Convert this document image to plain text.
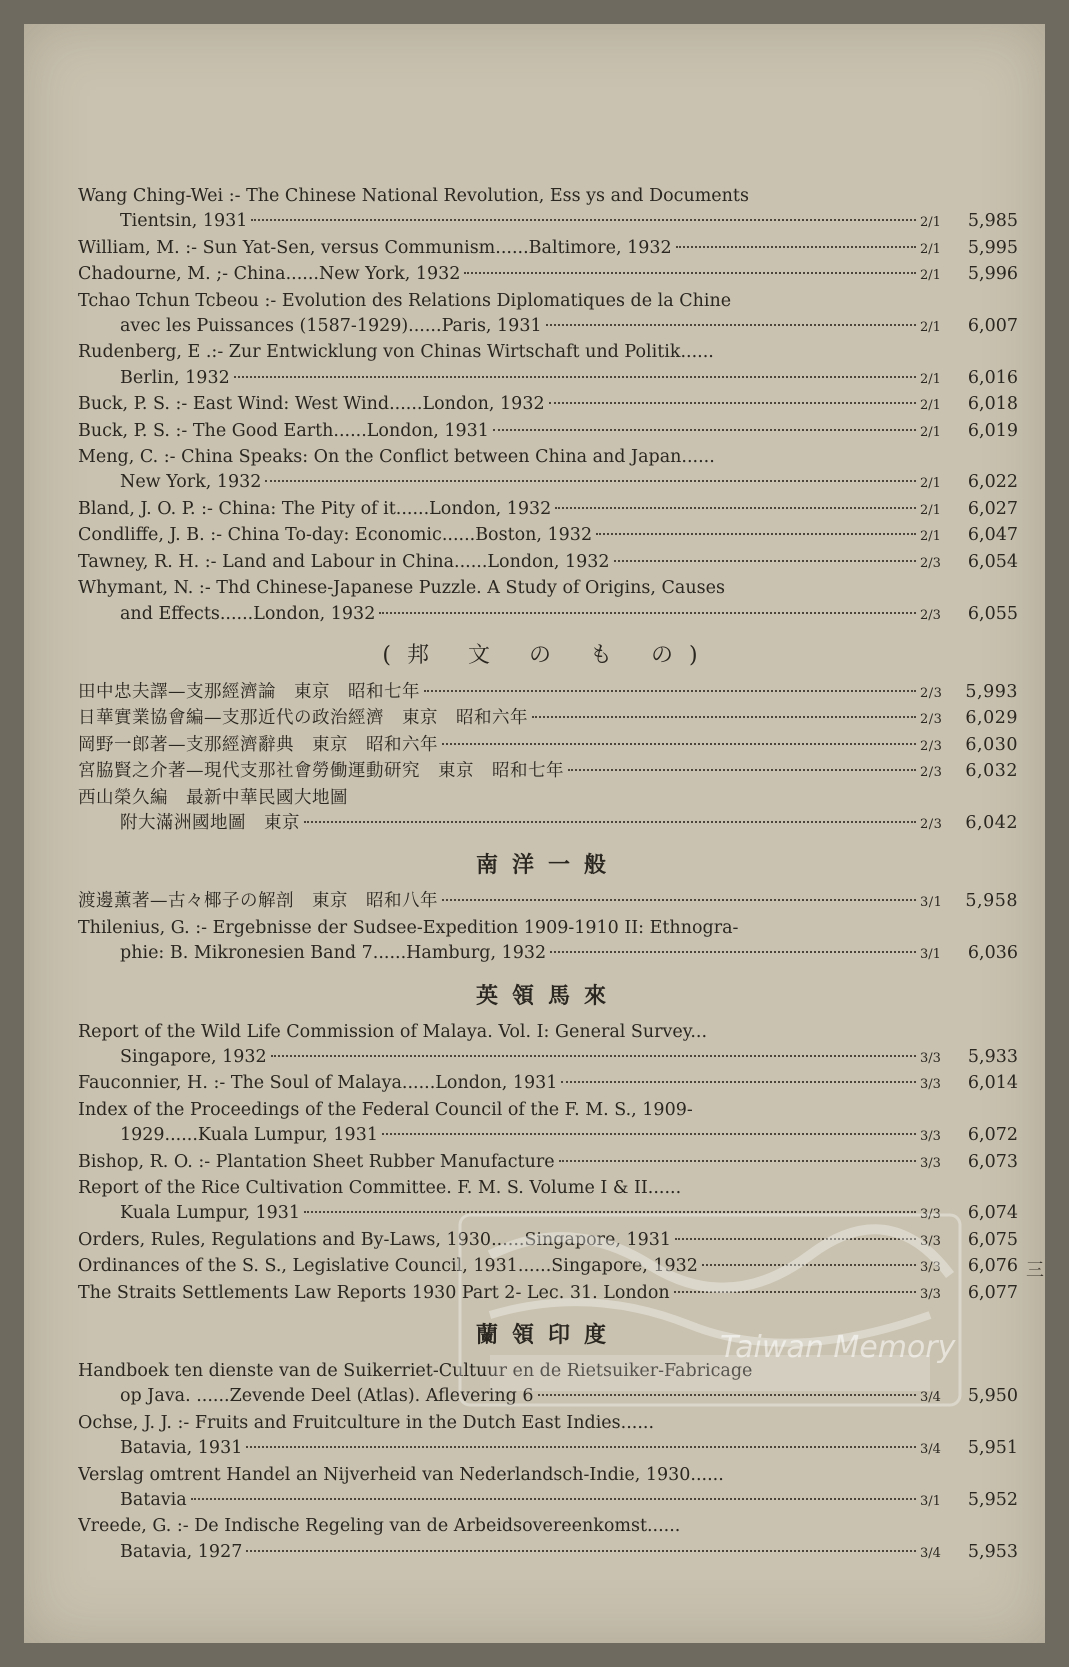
Wang Ching-Wei :- The Chinese National Revolution, Ess ys and Documents
Tientsin, 1931	2/1	5,985
William, M. :- Sun Yat-Sen, versus Communism......Baltimore, 1932	2/1	5,995
Chadourne, M. ;- China......New York, 1932	2/1	5,996
Tchao Tchun Tcbeou :- Evolution des Relations Diplomatiques de la Chine
avec les Puissances (1587-1929)......Paris, 1931	2/1	6,007
Rudenberg, E .:- Zur Entwicklung von Chinas Wirtschaft und Politik......
Berlin, 1932	2/1	6,016
Buck, P. S. :- East Wind: West Wind......London, 1932	2/1	6,018
Buck, P. S. :- The Good Earth......London, 1931	2/1	6,019
Meng, C. :- China Speaks: On the Conflict between China and Japan......
New York, 1932	2/1	6,022
Bland, J. O. P. :- China: The Pity of it......London, 1932	2/1	6,027
Condliffe, J. B. :- China To-day: Economic......Boston, 1932	2/1	6,047
Tawney, R. H. :- Land and Labour in China......London, 1932	2/3	6,054
Whymant, N. :- Thd Chinese-Japanese Puzzle. A Study of Origins, Causes
and Effects......London, 1932	2/3	6,055
(邦 文 の も の)
田中忠夫譯—支那經濟論　東京　昭和七年	2/3	5,993
日華實業協會編—支那近代の政治經濟　東京　昭和六年	2/3	6,029
岡野一郎著—支那經濟辭典　東京　昭和六年	2/3	6,030
宮脇賢之介著—現代支那社會勞働運動研究　東京　昭和七年	2/3	6,032
西山榮久編　最新中華民國大地圖
附大滿洲國地圖　東京	2/3	6,042
南洋一般
渡邊薰著—古々椰子の解剖　東京　昭和八年	3/1	5,958
Thilenius, G. :- Ergebnisse der Sudsee-Expedition 1909-1910 II: Ethnogra-
phie: B. Mikronesien Band 7......Hamburg, 1932	3/1	6,036
英領馬來
Report of the Wild Life Commission of Malaya. Vol. I: General Survey...
Singapore, 1932	3/3	5,933
Fauconnier, H. :- The Soul of Malaya......London, 1931	3/3	6,014
Index of the Proceedings of the Federal Council of the F. M. S., 1909-
1929......Kuala Lumpur, 1931	3/3	6,072
Bishop, R. O. :- Plantation Sheet Rubber Manufacture	3/3	6,073
Report of the Rice Cultivation Committee. F. M. S. Volume I & II......
Kuala Lumpur, 1931	3/3	6,074
Orders, Rules, Regulations and By-Laws, 1930......Singapore, 1931	3/3	6,075
Ordinances of the S. S., Legislative Council, 1931......Singapore, 1932	3/3	6,076
The Straits Settlements Law Reports 1930 Part 2- Lec. 31. London	3/3	6,077
蘭領印度
Handboek ten dienste van de Suikerriet-Cultuur en de Rietsuiker-Fabricage
op Java. ......Zevende Deel (Atlas). Aflevering 6	3/4	5,950
Ochse, J. J. :- Fruits and Fruitculture in the Dutch East Indies......
Batavia, 1931	3/4	5,951
Verslag omtrent Handel an Nijverheid van Nederlandsch-Indie, 1930......
Batavia	3/1	5,952
Vreede, G. :- De Indische Regeling van de Arbeidsovereenkomst......
Batavia, 1927	3/4	5,953
三
Taiwan Memory
